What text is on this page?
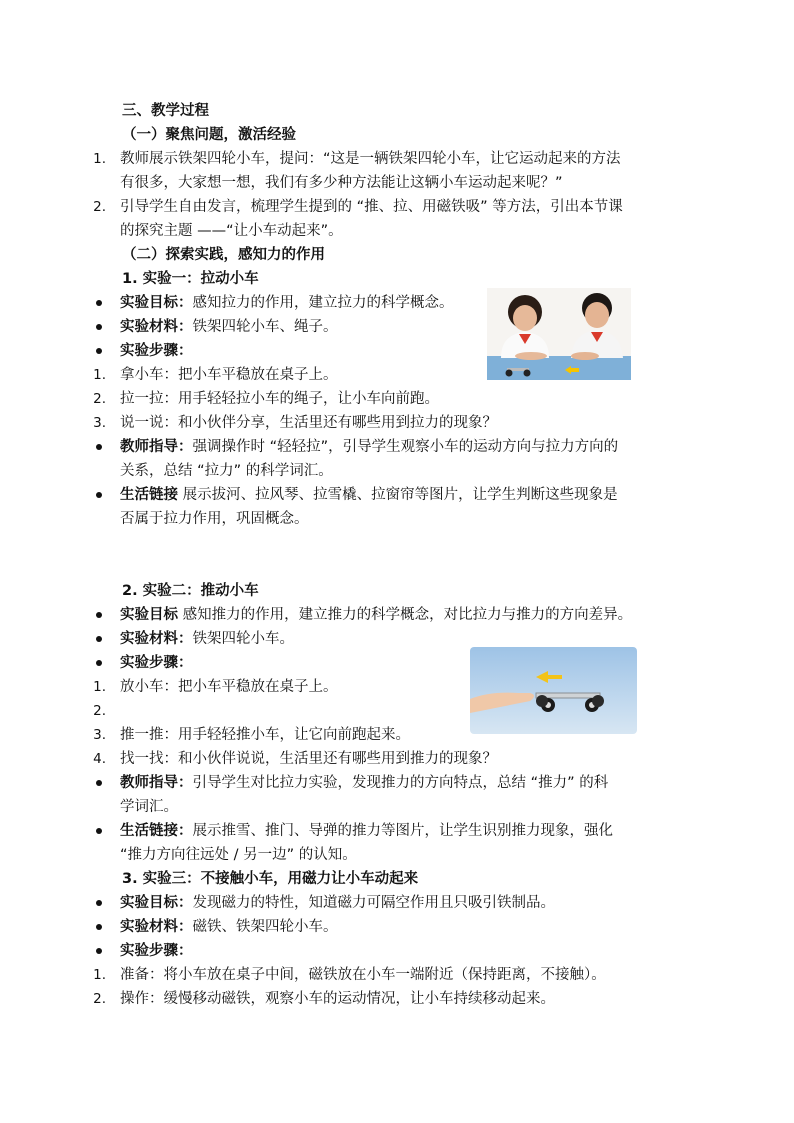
三、教学过程
（一）聚焦问题，激活经验
1. 教师展示铁架四轮小车，提问：“这是一辆铁架四轮小车，让它运动起来的方法
有很多，大家想一想，我们有多少种方法能让这辆小车运动起来呢？”
2. 引导学生自由发言，梳理学生提到的 “推、拉、用磁铁吸” 等方法，引出本节课
的探究主题 ——“让小车动起来”。
（二）探索实践，感知力的作用
1. 实验一：拉动小车
实验目标：感知拉力的作用，建立拉力的科学概念。
实验材料：铁架四轮小车、绳子。
实验步骤：
1. 拿小车：把小车平稳放在桌子上。
2. 拉一拉：用手轻轻拉小车的绳子，让小车向前跑。
3. 说一说：和小伙伴分享，生活里还有哪些用到拉力的现象？
教师指导：强调操作时 “轻轻拉”，引导学生观察小车的运动方向与拉力方向的
关系，总结 “拉力” 的科学词汇。
生活链接 展示拔河、拉风琴、拉雪橇、拉窗帘等图片，让学生判断这些现象是
否属于拉力作用，巩固概念。
2. 实验二：推动小车
实验目标 感知推力的作用，建立推力的科学概念，对比拉力与推力的方向差异。
实验材料：铁架四轮小车。
实验步骤：
1. 放小车：把小车平稳放在桌子上。
2.
3. 推一推：用手轻轻推小车，让它向前跑起来。
4. 找一找：和小伙伴说说，生活里还有哪些用到推力的现象？
教师指导：引导学生对比拉力实验，发现推力的方向特点，总结 “推力” 的科
学词汇。
生活链接：展示推雪、推门、导弹的推力等图片，让学生识别推力现象，强化
“推力方向往远处 / 另一边” 的认知。
3. 实验三：不接触小车，用磁力让小车动起来
实验目标：发现磁力的特性，知道磁力可隔空作用且只吸引铁制品。
实验材料：磁铁、铁架四轮小车。
实验步骤：
1. 准备：将小车放在桌子中间，磁铁放在小车一端附近（保持距离，不接触）。
2. 操作：缓慢移动磁铁，观察小车的运动情况，让小车持续移动起来。
